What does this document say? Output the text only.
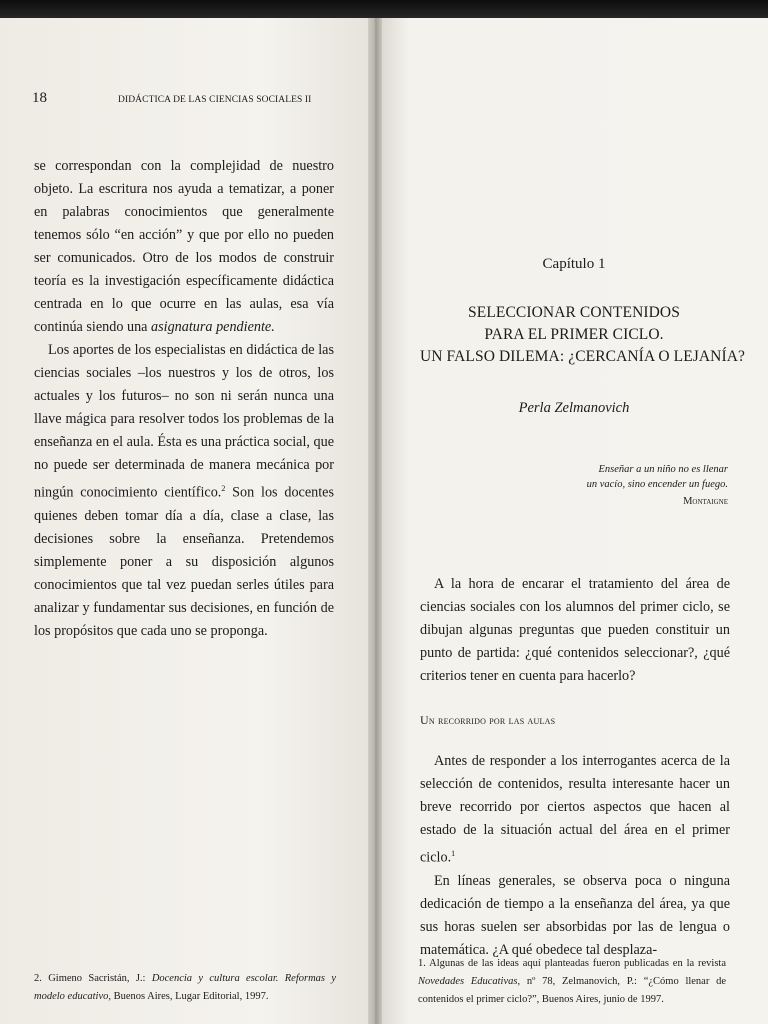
18	DIDÁCTICA DE LAS CIENCIAS SOCIALES II

se correspondan con la complejidad de nuestro objeto. La escritura nos ayuda a tematizar, a poner en palabras conocimientos que generalmente tenemos sólo “en acción” y que por ello no pueden ser comunicados. Otro de los modos de construir teoría es la investigación específicamente didáctica centrada en lo que ocurre en las aulas, esa vía continúa siendo una asignatura pendiente.

Los aportes de los especialistas en didáctica de las ciencias sociales –los nuestros y los de otros, los actuales y los futuros– no son ni serán nunca una llave mágica para resolver todos los problemas de la enseñanza en el aula. Ésta es una práctica social, que no puede ser determinada de manera mecánica por ningún conocimiento científico.$^2$ Son los docentes quienes deben tomar día a día, clase a clase, las decisiones sobre la enseñanza. Pretendemos simplemente poner a su disposición algunos conocimientos que tal vez puedan serles útiles para analizar y fundamentar sus decisiones, en función de los propósitos que cada uno se proponga.

2. Gimeno Sacristán, J.: Docencia y cultura escolar. Reformas y modelo educativo, Buenos Aires, Lugar Editorial, 1997.
Capítulo 1
SELECCIONAR CONTENIDOS
PARA EL PRIMER CICLO.
UN FALSO DILEMA: ¿CERCANÍA O LEJANÍA?
Perla Zelmanovich
Enseñar a un niño no es llenar
un vacío, sino encender un fuego.
Montaigne

A la hora de encarar el tratamiento del área de ciencias sociales con los alumnos del primer ciclo, se dibujan algunas preguntas que pueden constituir un punto de partida: ¿qué contenidos seleccionar?, ¿qué criterios tener en cuenta para hacerlo?

Un recorrido por las aulas

Antes de responder a los interrogantes acerca de la selección de contenidos, resulta interesante hacer un breve recorrido por ciertos aspectos que hacen al estado de la situación actual del área en el primer ciclo.$^1$

En líneas generales, se observa poca o ninguna dedicación de tiempo a la enseñanza del área, ya que sus horas suelen ser absorbidas por las de lengua o matemática. ¿A qué obedece tal desplaza-

1. Algunas de las ideas aquí planteadas fueron publicadas en la revista Novedades Educativas, nº 78, Zelmanovich, P.: “¿Cómo llenar de contenidos el primer ciclo?”, Buenos Aires, junio de 1997.
